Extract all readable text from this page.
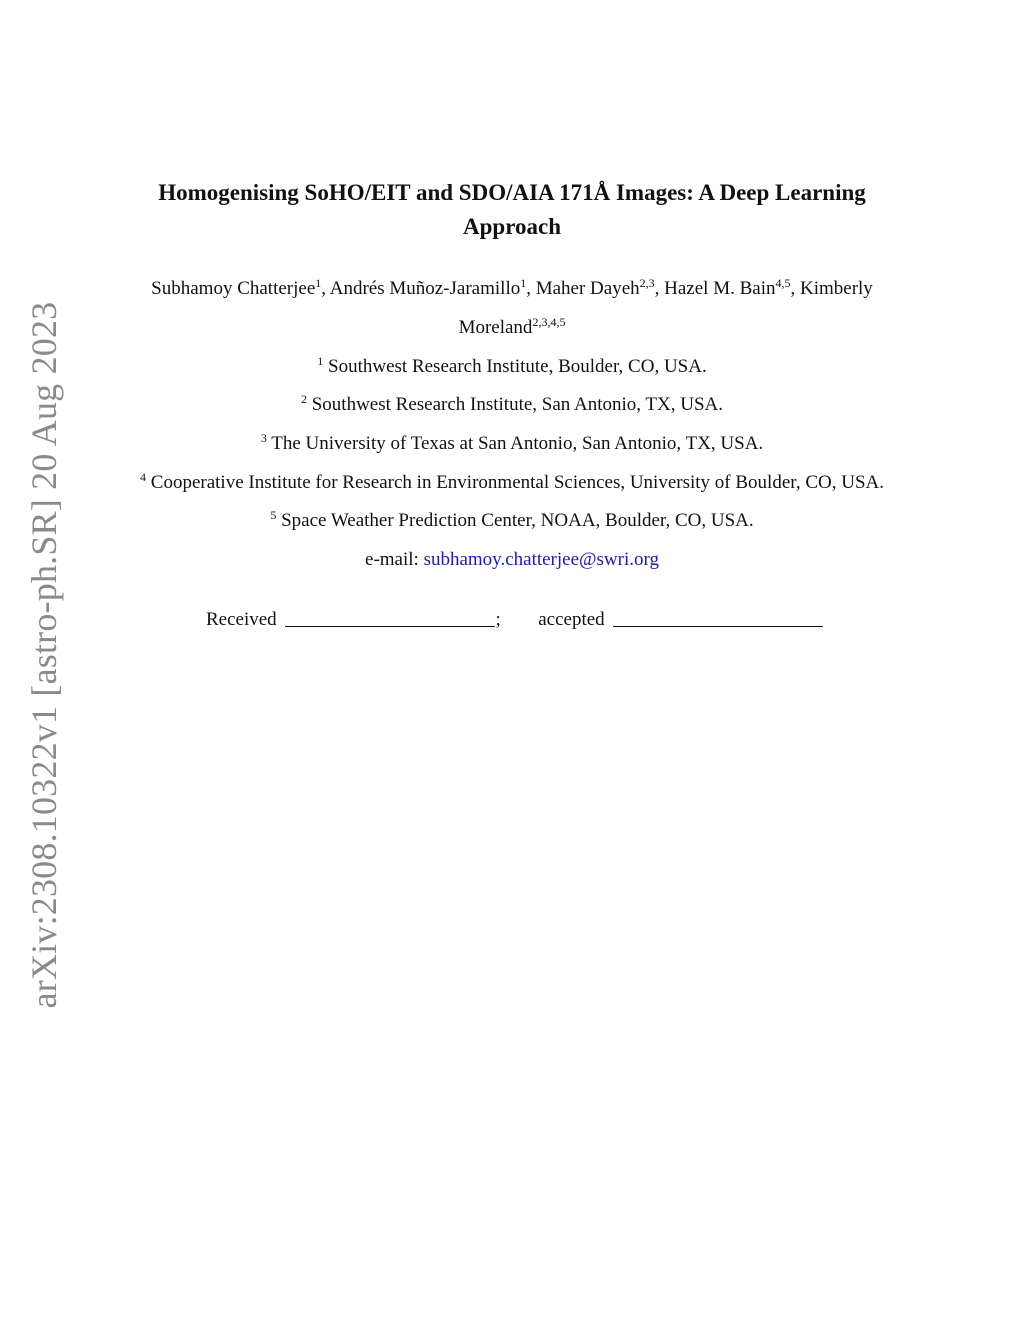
arXiv:2308.10322v1 [astro-ph.SR] 20 Aug 2023
Homogenising SoHO/EIT and SDO/AIA 171Å Images: A Deep Learning Approach
Subhamoy Chatterjee$^1$, Andrés Muñoz-Jaramillo$^1$, Maher Dayeh$^{2,3}$, Hazel M. Bain$^{4,5}$, Kimberly
Moreland$^{2,3,4,5}$
$^1$ Southwest Research Institute, Boulder, CO, USA.
$^2$ Southwest Research Institute, San Antonio, TX, USA.
$^3$ The University of Texas at San Antonio, San Antonio, TX, USA.
$^4$ Cooperative Institute for Research in Environmental Sciences, University of Boulder, CO, USA.
$^5$ Space Weather Prediction Center, NOAA, Boulder, CO, USA.
e-mail: subhamoy.chatterjee@swri.org
Received	; accepted
